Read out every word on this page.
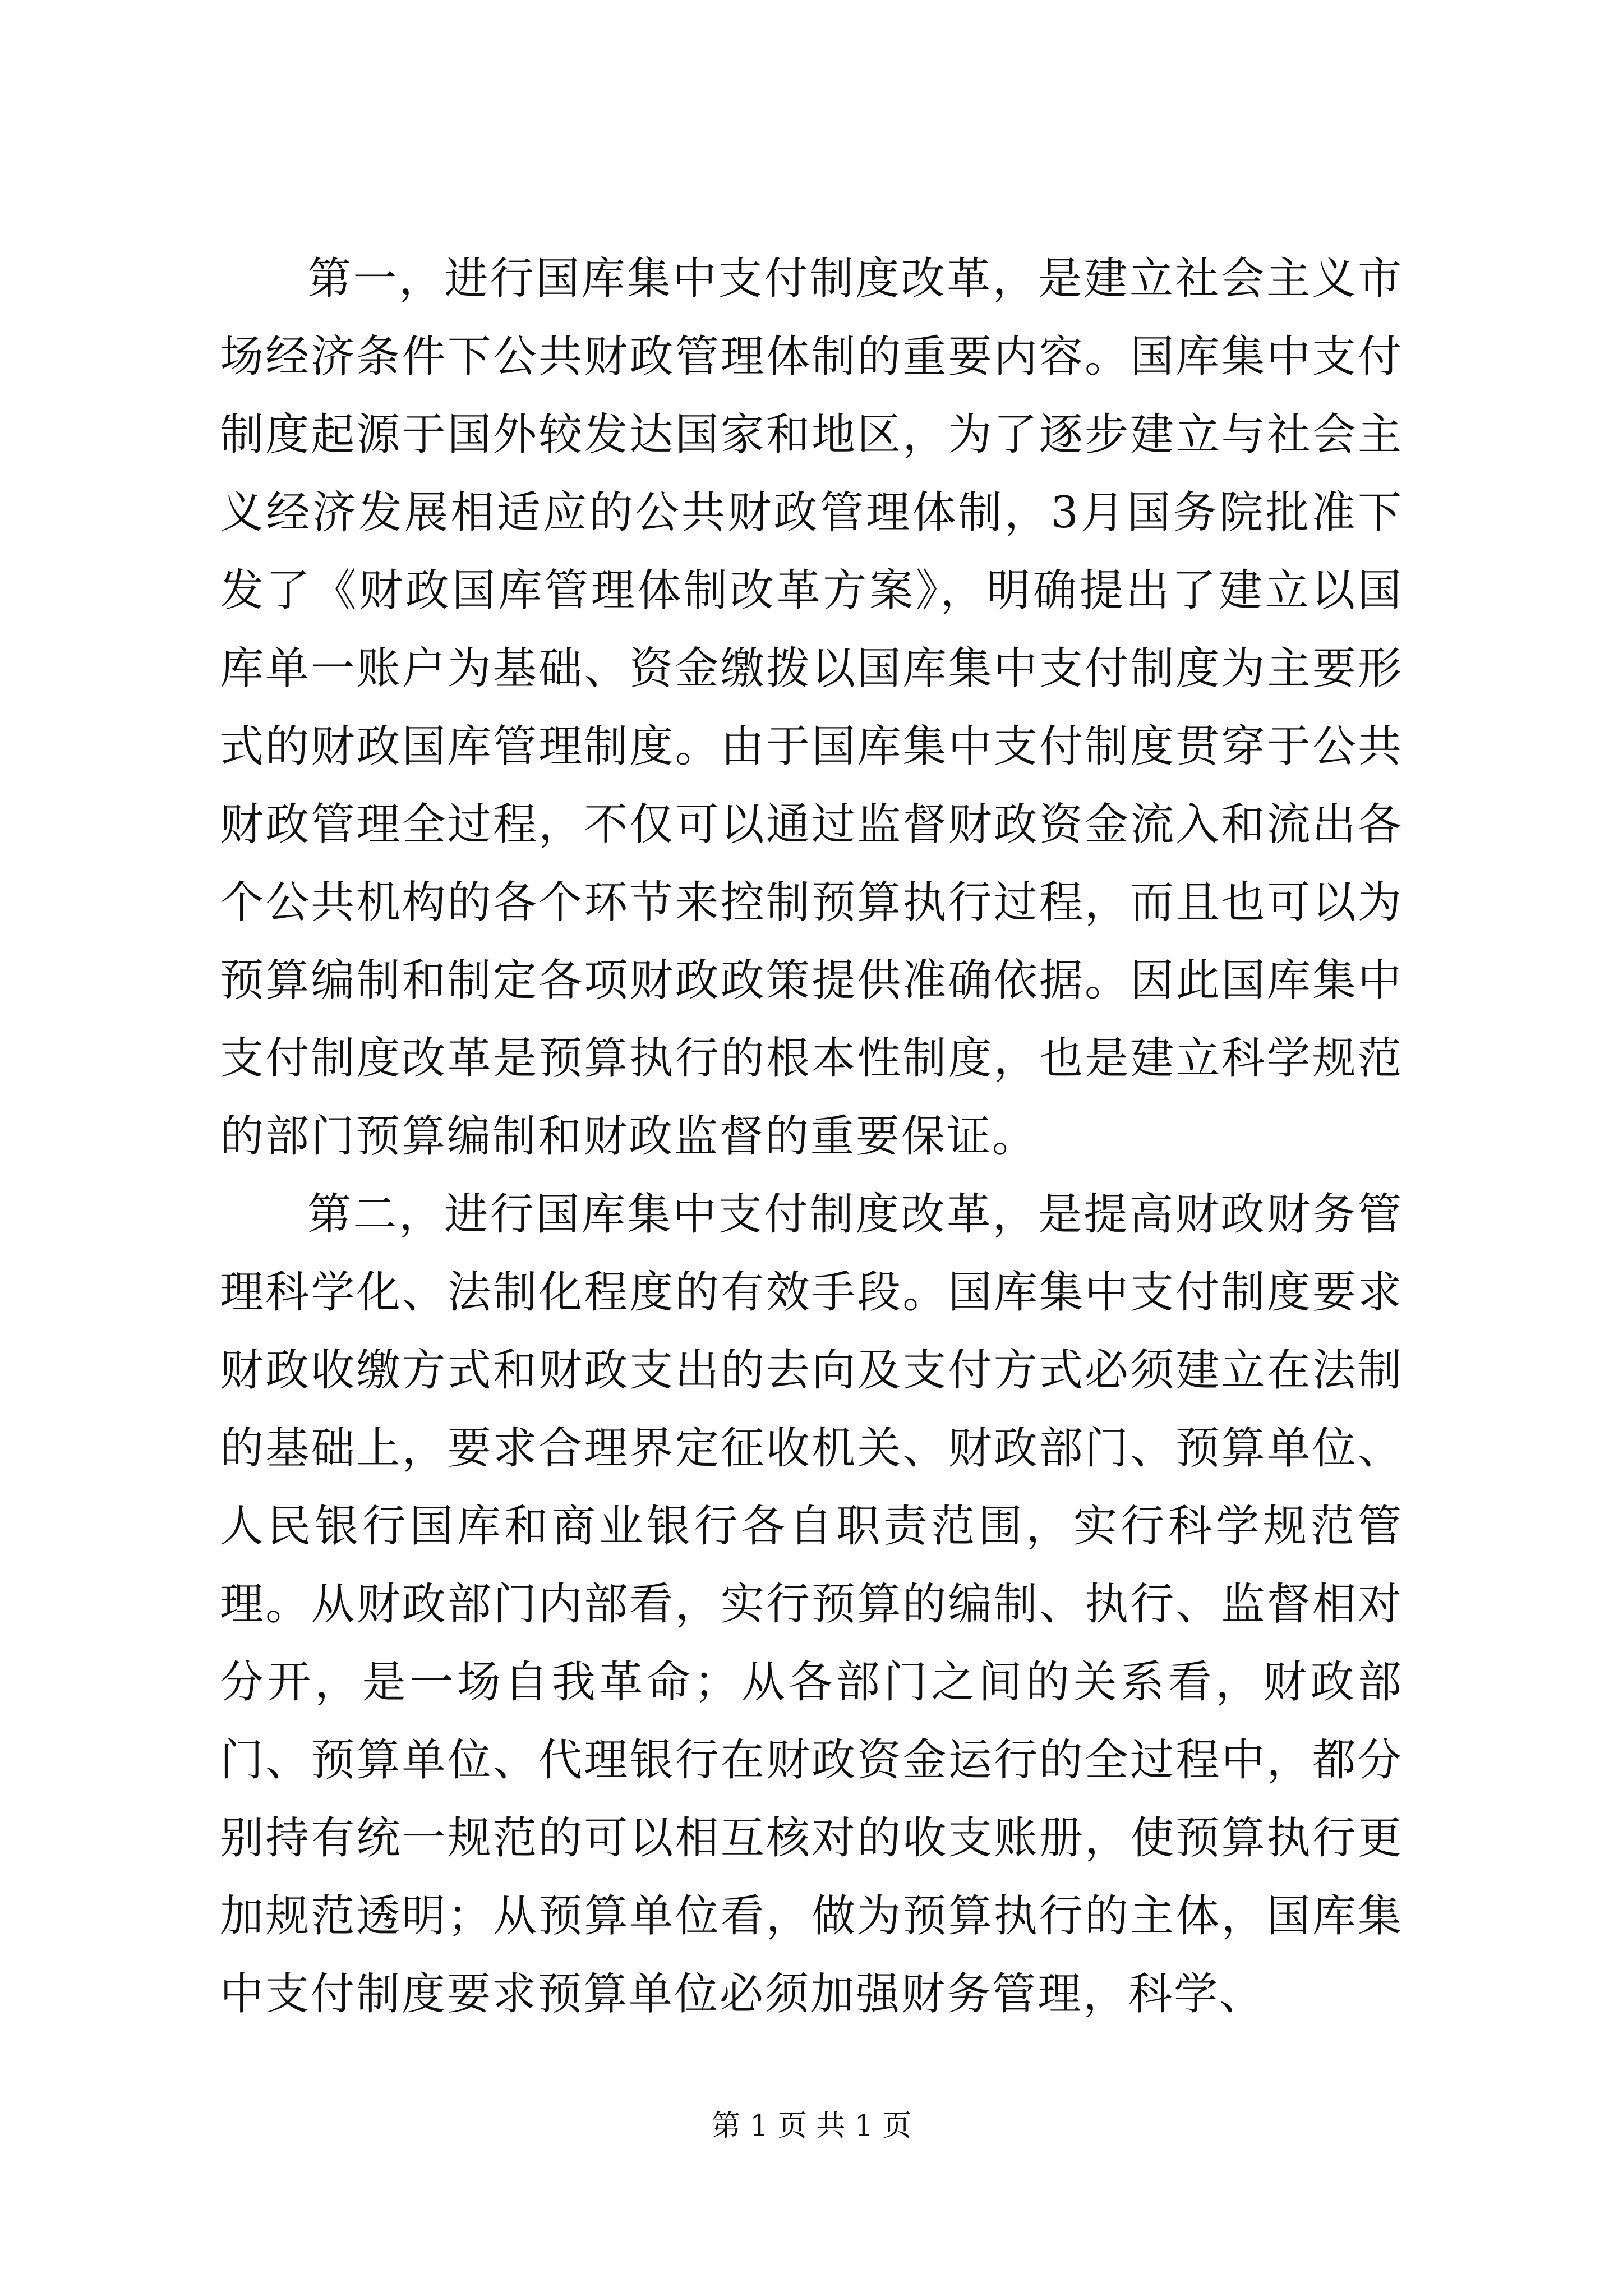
第一，进行国库集中支付制度改革，是建立社会主义市场经济条件下公共财政管理体制的重要内容。国库集中支付制度起源于国外较发达国家和地区，为了逐步建立与社会主义经济发展相适应的公共财政管理体制，3月国务院批准下发了《财政国库管理体制改革方案》，明确提出了建立以国库单一账户为基础、资金缴拨以国库集中支付制度为主要形式的财政国库管理制度。由于国库集中支付制度贯穿于公共财政管理全过程，不仅可以通过监督财政资金流入和流出各个公共机构的各个环节来控制预算执行过程，而且也可以为预算编制和制定各项财政政策提供准确依据。因此国库集中支付制度改革是预算执行的根本性制度，也是建立科学规范的部门预算编制和财政监督的重要保证。

第二，进行国库集中支付制度改革，是提高财政财务管理科学化、法制化程度的有效手段。国库集中支付制度要求财政收缴方式和财政支出的去向及支付方式必须建立在法制的基础上，要求合理界定征收机关、财政部门、预算单位、人民银行国库和商业银行各自职责范围，实行科学规范管理。从财政部门内部看，实行预算的编制、执行、监督相对分开，是一场自我革命；从各部门之间的关系看，财政部门、预算单位、代理银行在财政资金运行的全过程中，都分别持有统一规范的可以相互核对的收支账册，使预算执行更加规范透明；从预算单位看，做为预算执行的主体，国库集中支付制度要求预算单位必须加强财务管理，科学、

第 1 页 共 1 页
